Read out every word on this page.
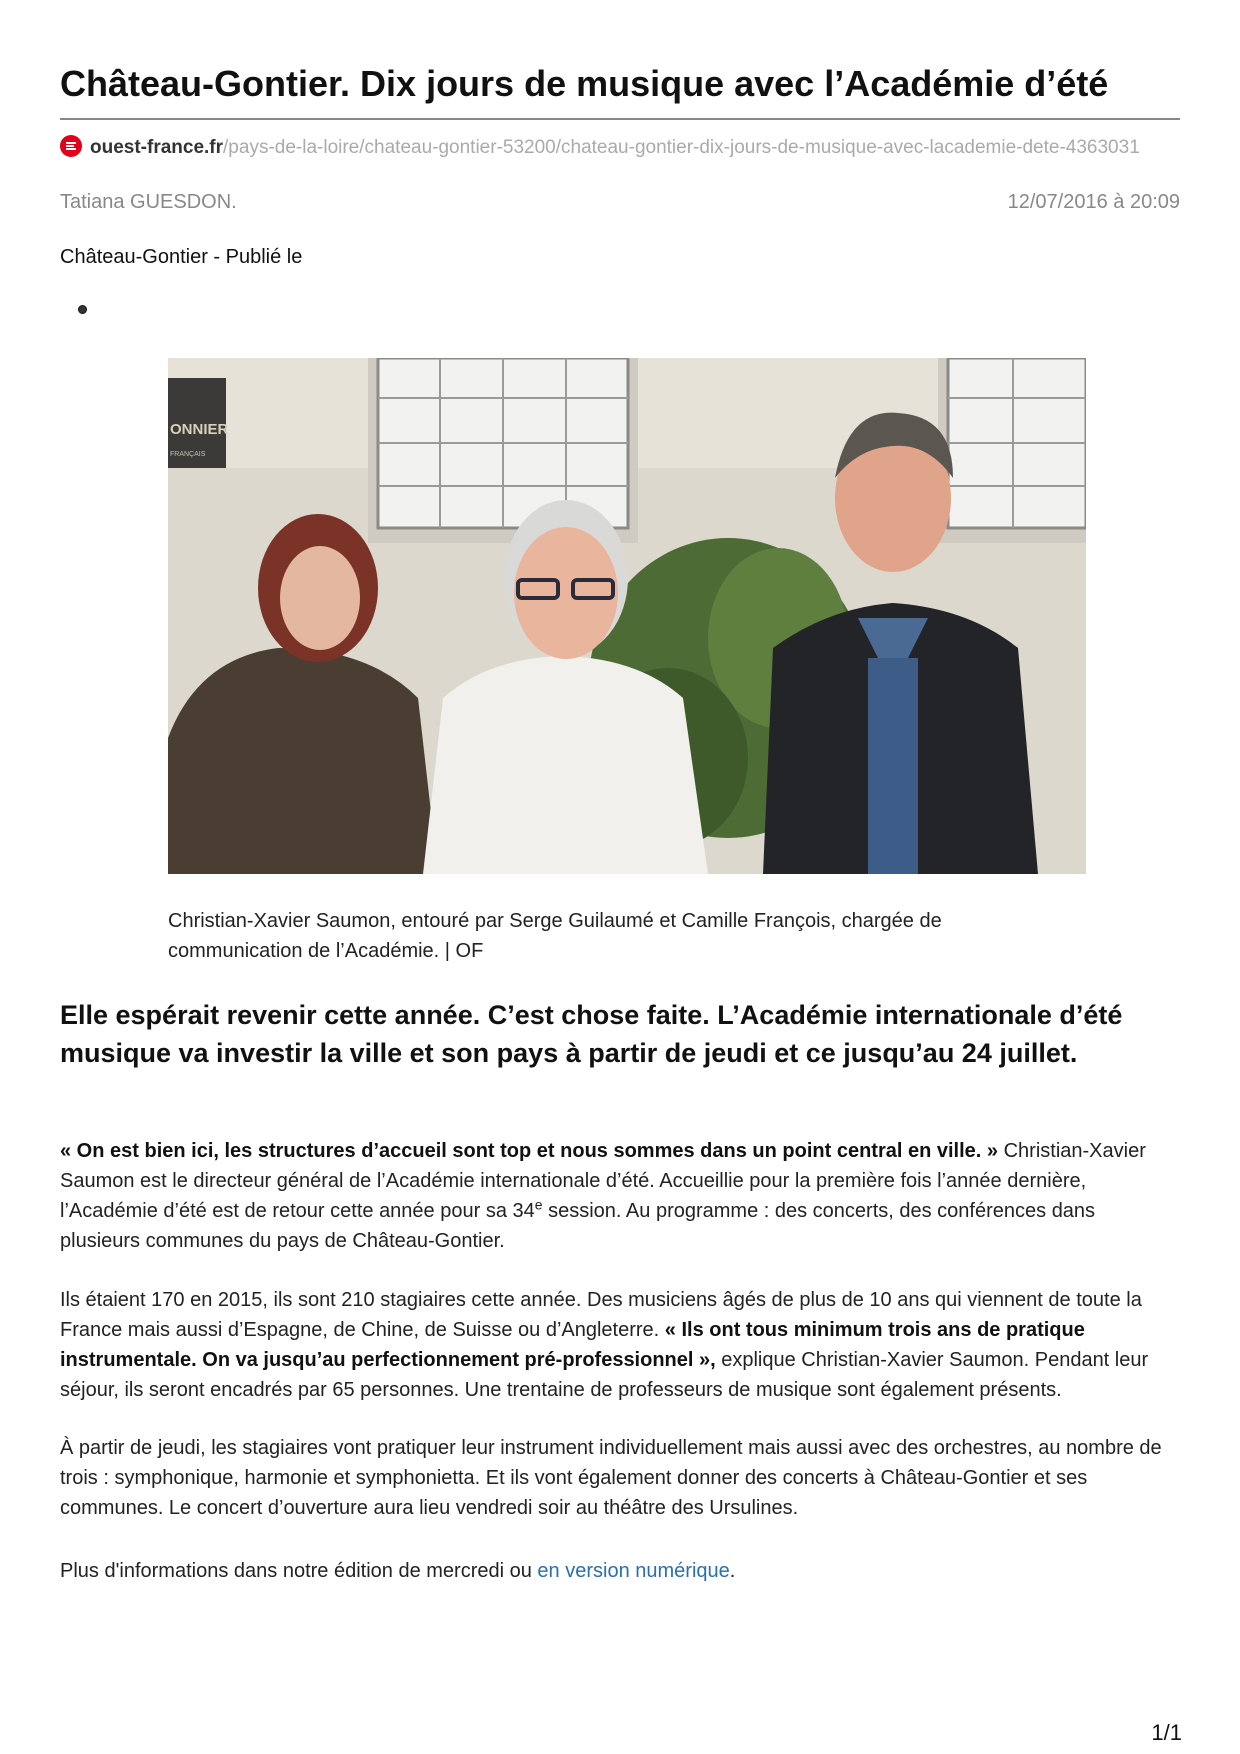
Château-Gontier. Dix jours de musique avec l’Académie d’été
ouest-france.fr/pays-de-la-loire/chateau-gontier-53200/chateau-gontier-dix-jours-de-musique-avec-lacademie-dete-4363031
Tatiana GUESDON.	12/07/2016 à 20:09
Château-Gontier - Publié le
ONNIER
FRANÇAIS
Christian-Xavier Saumon, entouré par Serge Guilaumé et Camille François, chargée de communication de l’Académie. | OF
Elle espérait revenir cette année. C’est chose faite. L’Académie internationale d’été musique va investir la ville et son pays à partir de jeudi et ce jusqu’au 24 juillet.
« On est bien ici, les structures d’accueil sont top et nous sommes dans un point central en ville. » Christian-Xavier Saumon est le directeur général de l’Académie internationale d’été. Accueillie pour la première fois l’année dernière, l’Académie d’été est de retour cette année pour sa 34e session. Au programme : des concerts, des conférences dans plusieurs communes du pays de Château-Gontier.
Ils étaient 170 en 2015, ils sont 210 stagiaires cette année. Des musiciens âgés de plus de 10 ans qui viennent de toute la France mais aussi d’Espagne, de Chine, de Suisse ou d’Angleterre. « Ils ont tous minimum trois ans de pratique instrumentale. On va jusqu’au perfectionnement pré-professionnel », explique Christian-Xavier Saumon. Pendant leur séjour, ils seront encadrés par 65 personnes. Une trentaine de professeurs de musique sont également présents.
À partir de jeudi, les stagiaires vont pratiquer leur instrument individuellement mais aussi avec des orchestres, au nombre de trois : symphonique, harmonie et symphonietta. Et ils vont également donner des concerts à Château-Gontier et ses communes. Le concert d’ouverture aura lieu vendredi soir au théâtre des Ursulines.
Plus d'informations dans notre édition de mercredi ou en version numérique.
1/1
